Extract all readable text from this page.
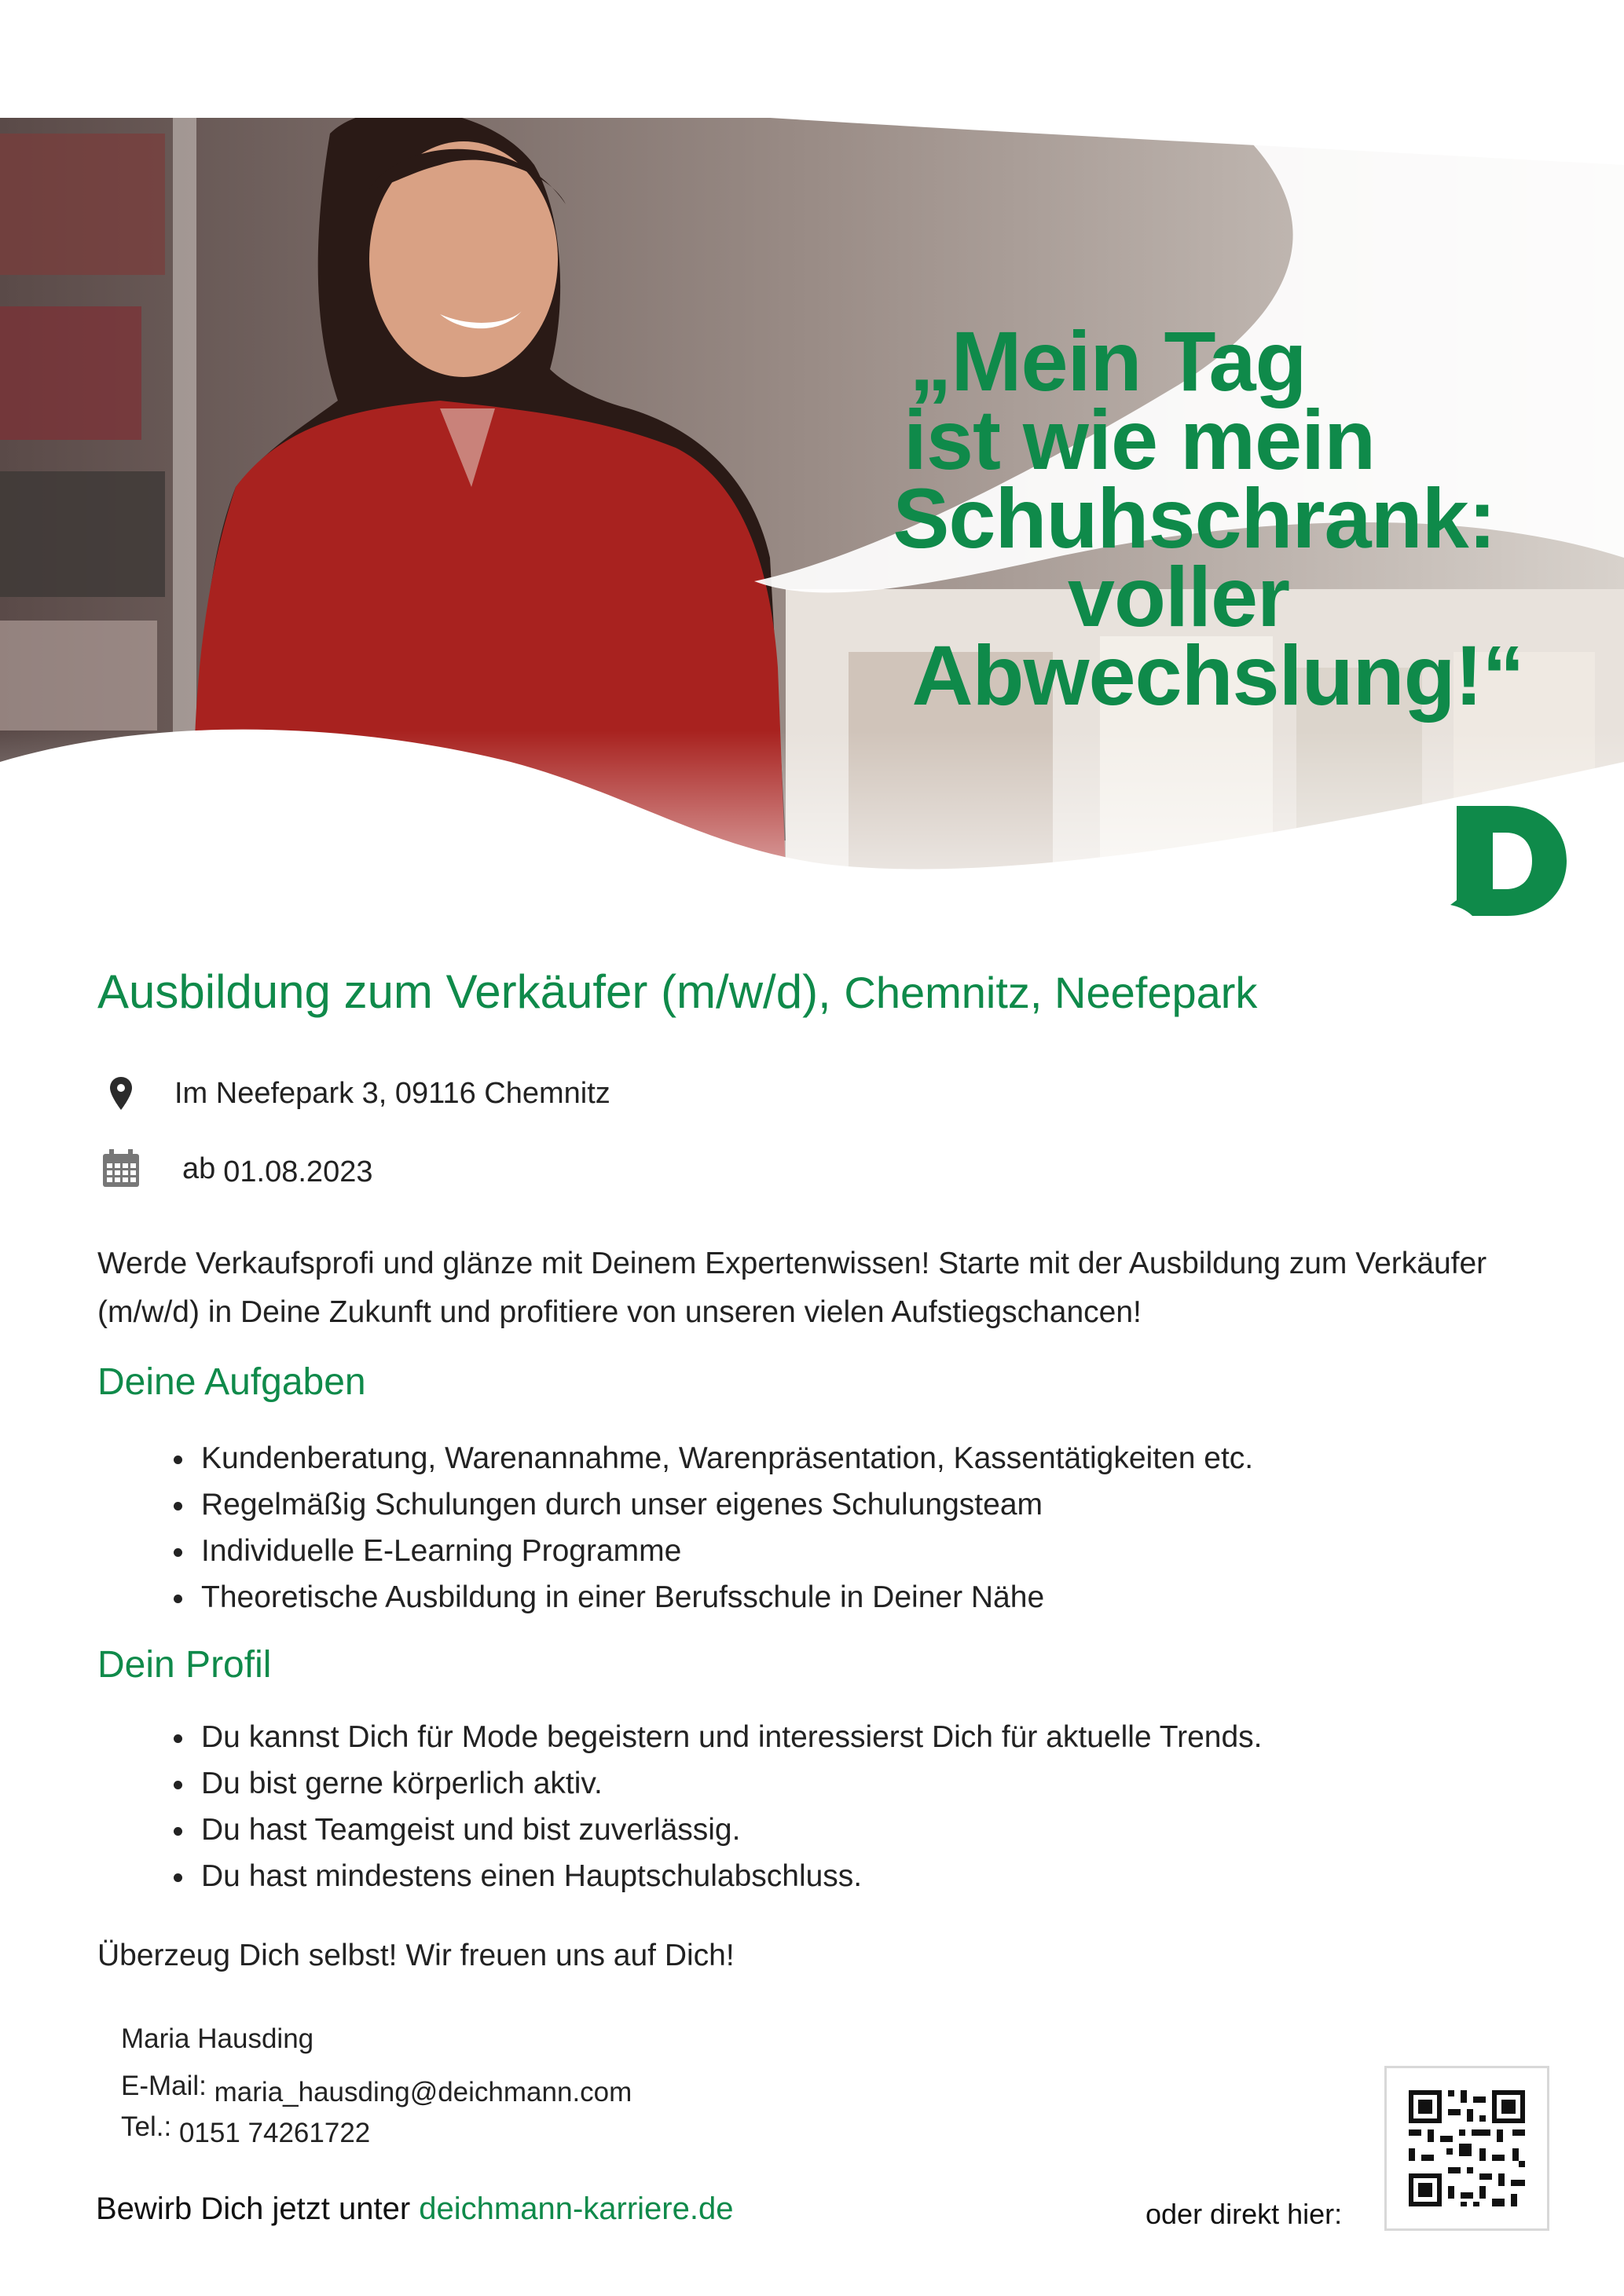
„Mein Tag
ist wie mein
Schuhschrank:
voller
Abwechslung!“
Ausbildung zum Verkäufer (m/w/d), Chemnitz, Neefepark
Im Neefepark 3, 09116 Chemnitz
ab 01.08.2023
Werde Verkaufsprofi und glänze mit Deinem Expertenwissen! Starte mit der Ausbildung zum Verkäufer (m/w/d) in Deine Zukunft und profitiere von unseren vielen Aufstiegschancen!
Deine Aufgaben
• Kundenberatung, Warenannahme, Warenpräsentation, Kassentätigkeiten etc.
• Regelmäßig Schulungen durch unser eigenes Schulungsteam
• Individuelle E-Learning Programme
• Theoretische Ausbildung in einer Berufsschule in Deiner Nähe
Dein Profil
• Du kannst Dich für Mode begeistern und interessierst Dich für aktuelle Trends.
• Du bist gerne körperlich aktiv.
• Du hast Teamgeist und bist zuverlässig.
• Du hast mindestens einen Hauptschulabschluss.
Überzeug Dich selbst! Wir freuen uns auf Dich!
Maria Hausding
E-Mail: maria_hausding@deichmann.com
Tel.: 0151 74261722
Bewirb Dich jetzt unter deichmann-karriere.de	oder direkt hier:
